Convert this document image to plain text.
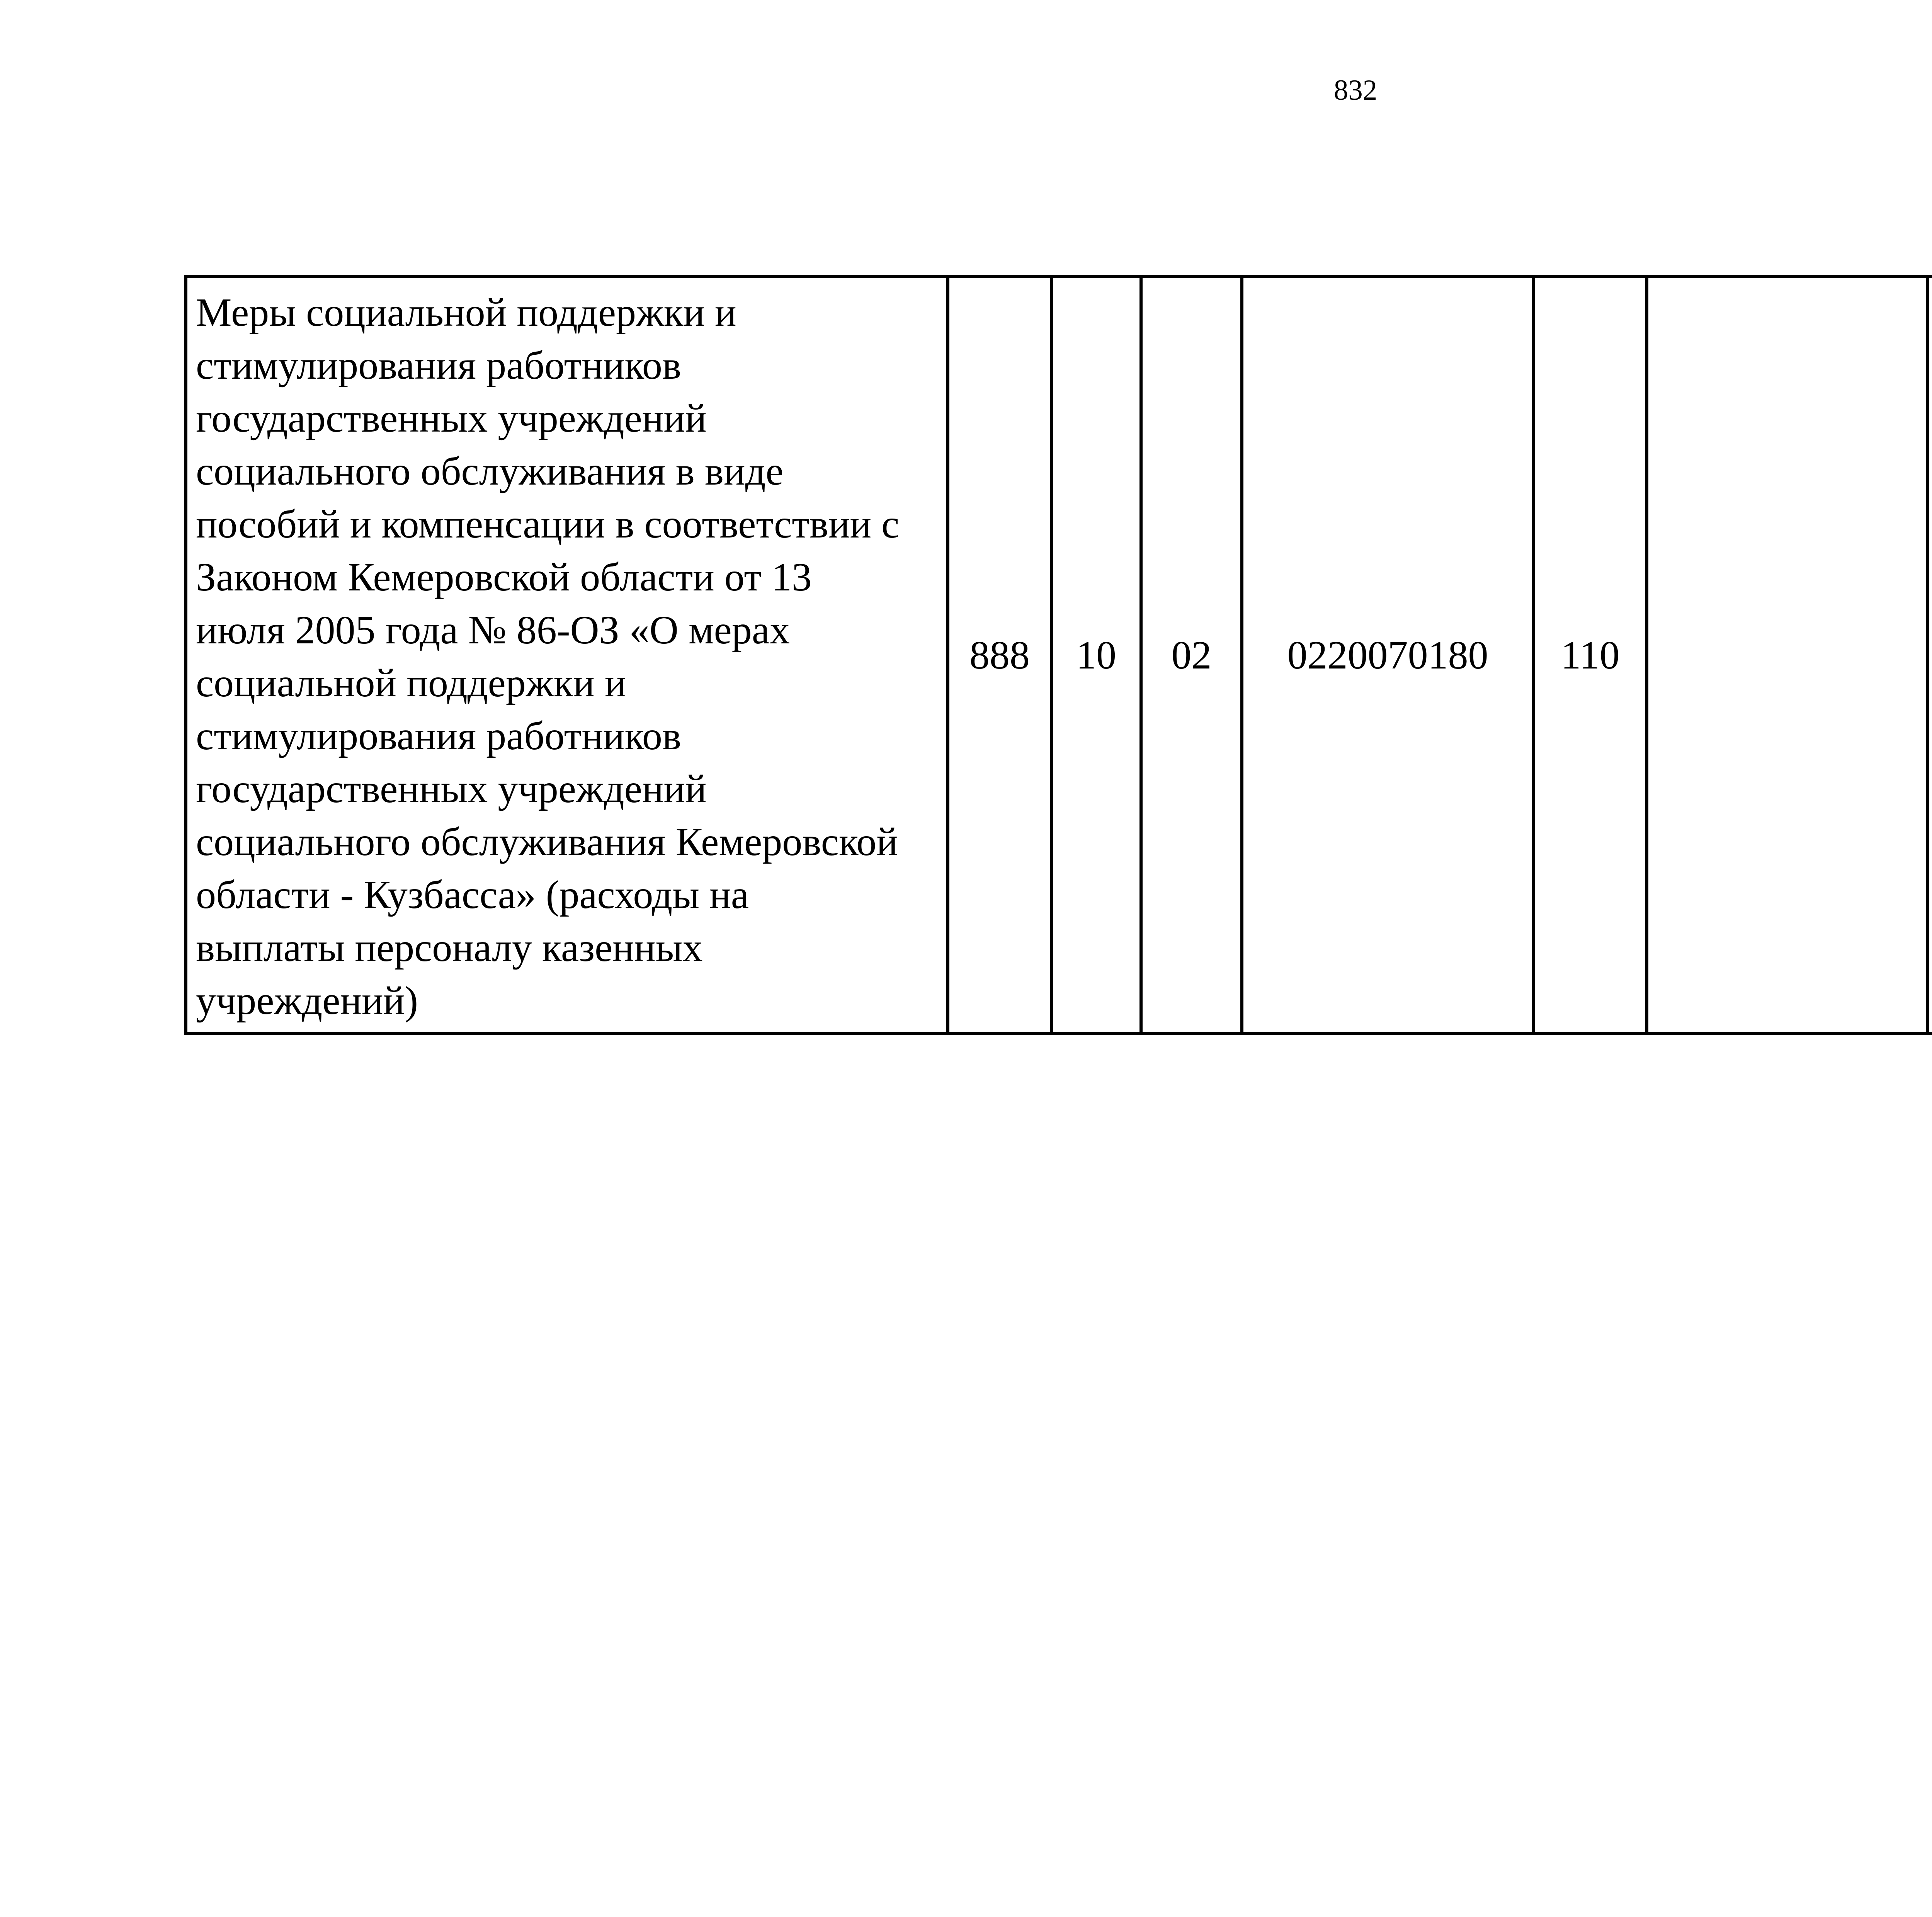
832
Меры социальной поддержки и
стимулирования работников
государственных учреждений
социального обслуживания в виде
пособий и компенсации в соответствии с
Законом Кемеровской области от 13
июля 2005 года № 86-ОЗ «О мерах
социальной поддержки и
стимулирования работников
государственных учреждений
социального обслуживания Кемеровской
области - Кузбасса» (расходы на
выплаты персоналу казенных
учреждений)	888	10	02	0220070180	110			
